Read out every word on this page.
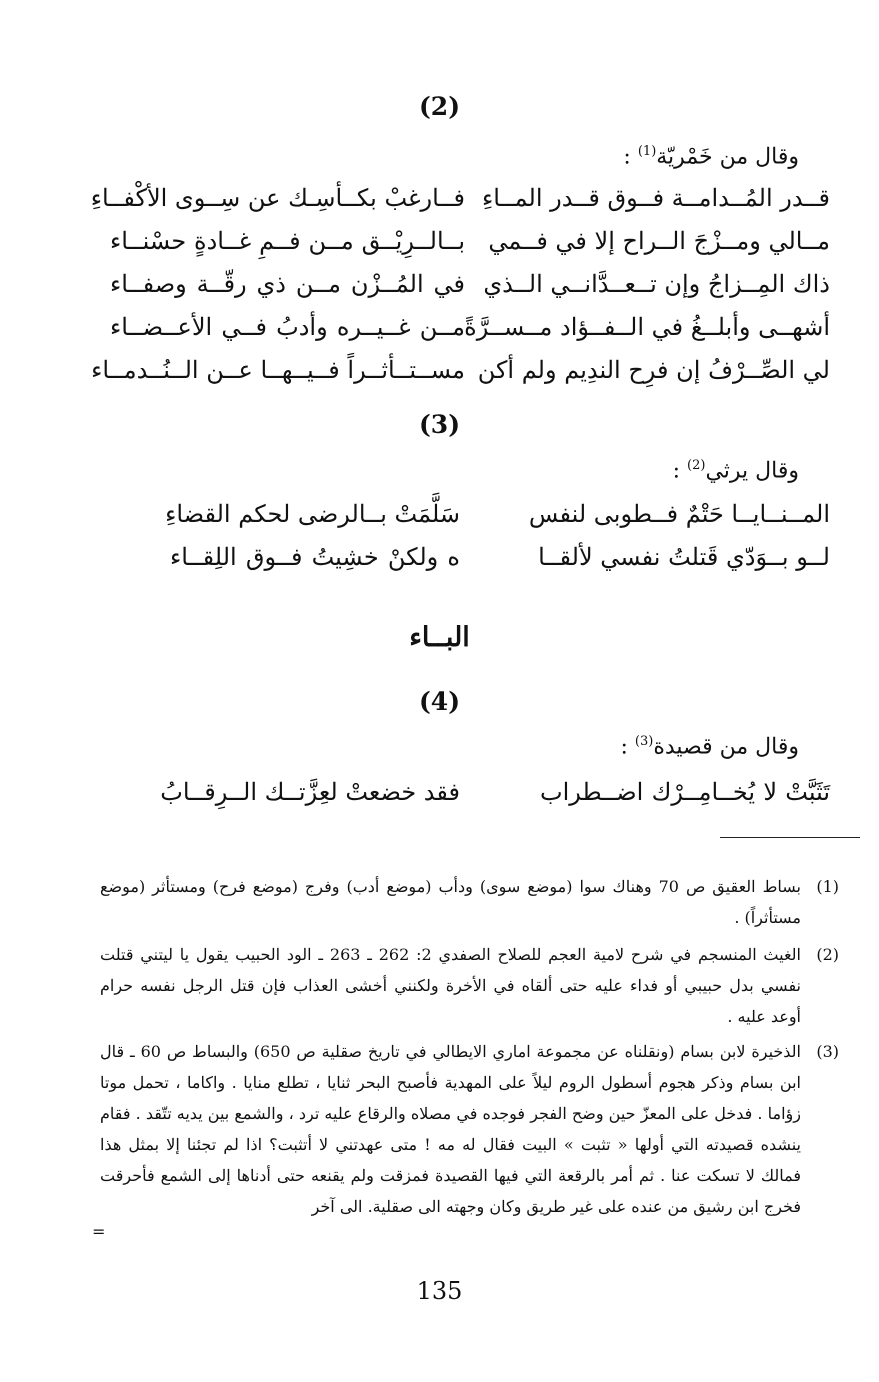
(2)
وقال من خَمْريّة$^{(1)}$ :
قــدر المُــدامــة فــوق قــدر المــاءِ
فــارغبْ بكــأسِـك عن سِــوى الأكْفــاءِ
مــالي ومــزْجَ الــراح إلا في فــمي
بــالــرِيْــق مــن فــمِ غــادةٍ حسْنــاء
ذاك المِــزاجُ وإن تــعــدَّانــي الــذي
في المُــزْن مــن ذي رقّــة وصفــاء
أشهــى وأبلــغُ في الــفــؤاد مــســرَّةً
مــن غــيــره وأدبُ فــي الأعــضــاء
لي الصِّــرْفُ إن فرِح الندِيم ولم أكن
مســتــأثــراً فــيــهــا عــن الــنُــدمــاء
(3)
وقال يرثي$^{(2)}$ :
المــنــايــا حَتْمٌ فــطوبى لنفس
سَلَّمَتْ بــالرضى لحكم القضاءِ
لــو بــوَدّي قَتلتُ نفسي لألقــا
ه ولكنْ خشِيتُ فــوق اللِقــاء
البــاء
(4)
وقال من قصيدة$^{(3)}$ :
تَثَبَّتْ لا يُخــامِــرْك اضــطراب
فقد خضعتْ لعِزَّتــك الــرِقــابُ
(1)
بساط العقيق ص 70 وهناك سوا (موضع سوى) ودأب (موضع أدب) وفرج (موضع فرح) ومستأثر (موضع مستأثراً) .
(2)
الغيث المنسجم في شرح لامية العجم للصلاح الصفدي 2: 262 ـ 263 ـ الود الحبيب يقول يا ليتني قتلت نفسي بدل حبيبي أو فداء عليه حتى ألقاه في الأخرة ولكنني أخشى العذاب فإن قتل الرجل نفسه حرام أوعد عليه .
(3)
الذخيرة لابن بسام (ونقلناه عن مجموعة اماري الايطالي في تاريخ صقلية ص 650) والبساط ص 60 ـ قال ابن بسام وذكر هجوم أسطول الروم ليلاً على المهدية فأصبح البحر ثنايا ، تطلع منايا . واكاما ، تحمل موتا زؤاما . فدخل على المعزّ حين وضح الفجر فوجده في مصلاه والرقاع عليه ترد ، والشمع بين يديه تتّقد . فقام ينشده قصيدته التي أولها « تثبت » البيت فقال له مه ! متى عهدتني لا أتثبت؟ اذا لم تجئنا إلا بمثل هذا فمالك لا تسكت عنا . ثم أمر بالرقعة التي فيها القصيدة فمزقت ولم يقنعه حتى أدناها إلى الشمع فأحرقت فخرج ابن رشيق من عنده على غير طريق وكان وجهته الى صقلية. الى آخر
=
135
